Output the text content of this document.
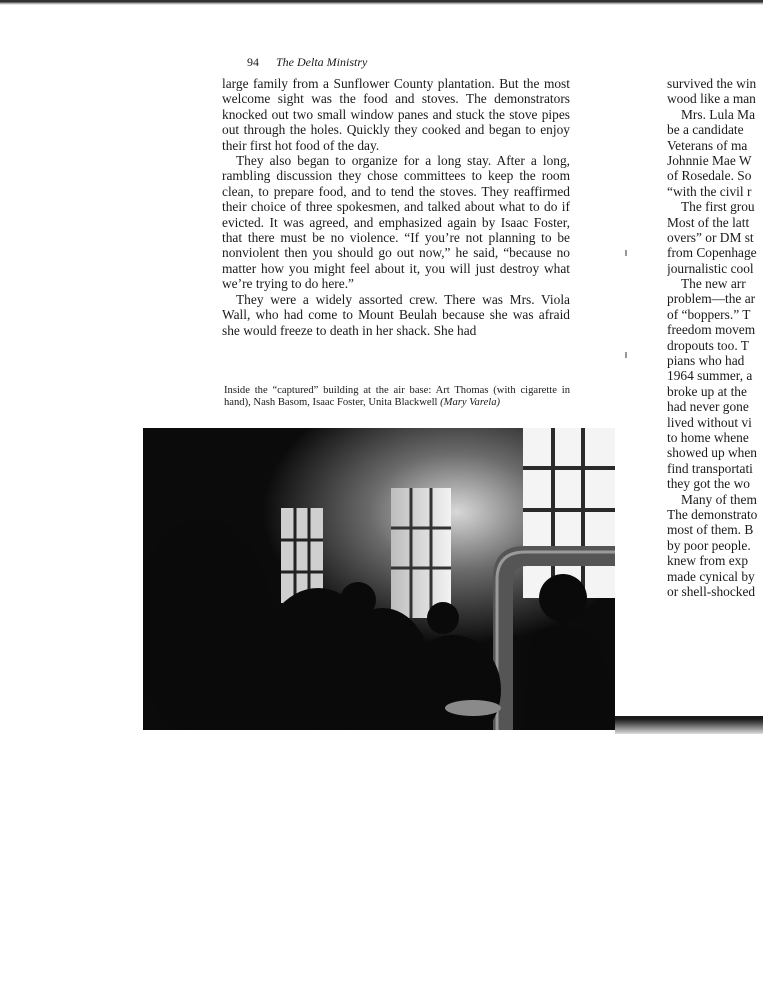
94 The Delta Ministry

large family from a Sunflower County plantation. But the most welcome sight was the food and stoves. The demonstrators knocked out two small window panes and stuck the stove pipes out through the holes. Quickly they cooked and began to enjoy their first hot food of the day.

They also began to organize for a long stay. After a long, rambling discussion they chose committees to keep the room clean, to prepare food, and to tend the stoves. They reaffirmed their choice of three spokesmen, and talked about what to do if evicted. It was agreed, and emphasized again by Isaac Foster, that there must be no violence. “If you’re not planning to be nonviolent then you should go out now,” he said, “because no matter how you might feel about it, you will just destroy what we’re trying to do here.”

They were a widely assorted crew. There was Mrs. Viola Wall, who had come to Mount Beulah because she was afraid she would freeze to death in her shack. She had

Inside the “captured” building at the air base: Art Thomas (with cigarette in hand), Nash Basom, Isaac Foster, Unita Blackwell (Mary Varela)
survived the win
wood like a man
Mrs. Lula Ma
be a candidate
Veterans of ma
Johnnie Mae W
of Rosedale. So
“with the civil r
The first grou
Most of the latt
overs” or DM st
from Copenhage
journalistic cool
The new arr
problem—the ar
of “boppers.” T
freedom movem
dropouts too. T
pians who had
1964 summer, a
broke up at the
had never gone
lived without vi
to home whene
showed up when
find transportati
they got the wo
Many of them
The demonstrato
most of them. B
by poor people.
knew from exp
made cynical by
or shell-shocked
